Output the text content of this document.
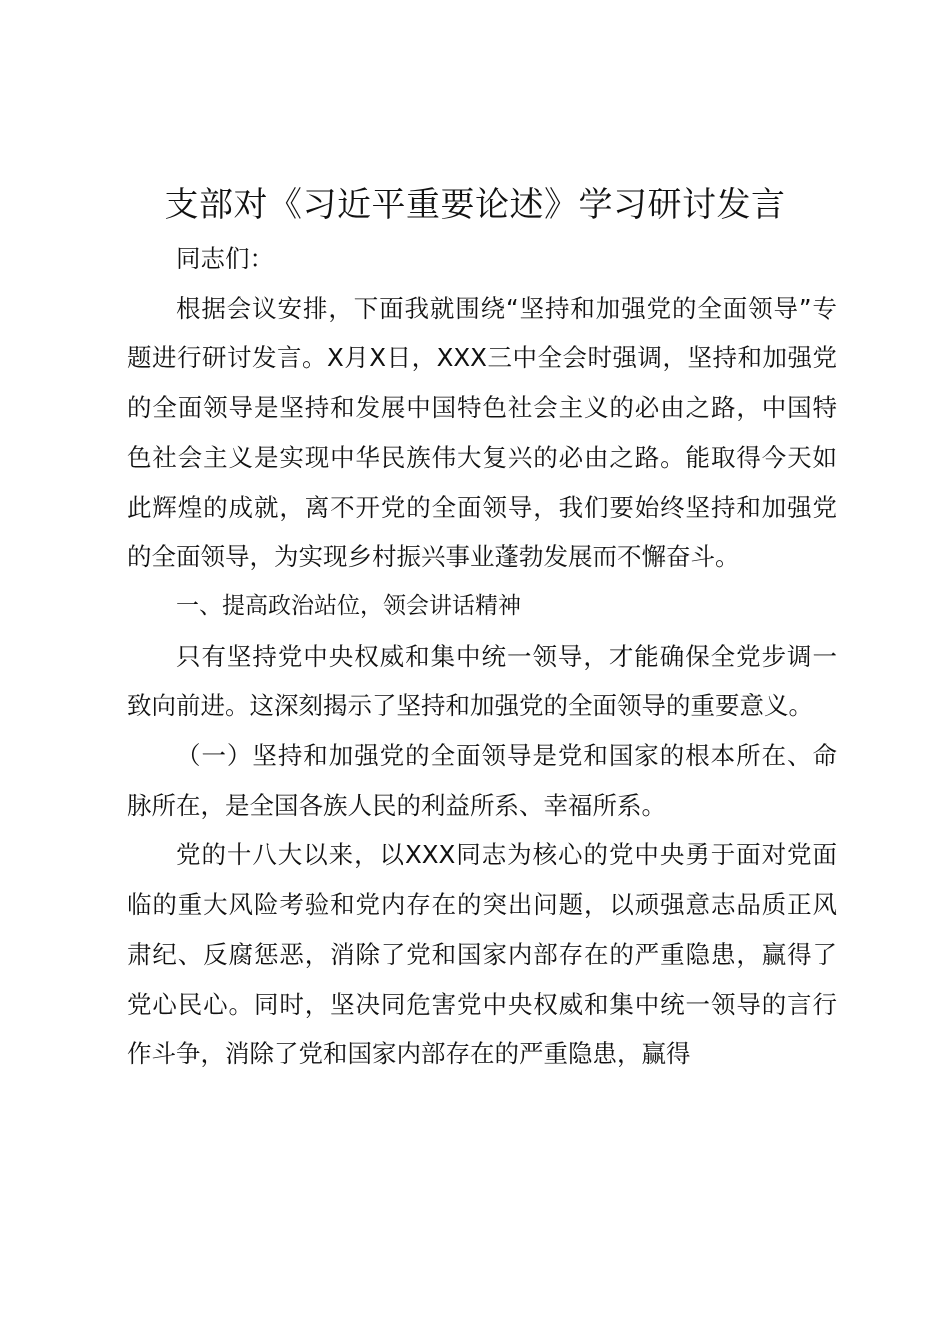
支部对《习近平重要论述》学习研讨发言

同志们：

根据会议安排，下面我就围绕“坚持和加强党的全面领导”专题进行研讨发言。X月X日，XXX三中全会时强调，坚持和加强党的全面领导是坚持和发展中国特色社会主义的必由之路，中国特色社会主义是实现中华民族伟大复兴的必由之路。能取得今天如此辉煌的成就，离不开党的全面领导，我们要始终坚持和加强党的全面领导，为实现乡村振兴事业蓬勃发展而不懈奋斗。

一、提高政治站位，领会讲话精神

只有坚持党中央权威和集中统一领导，才能确保全党步调一致向前进。这深刻揭示了坚持和加强党的全面领导的重要意义。

（一）坚持和加强党的全面领导是党和国家的根本所在、命脉所在，是全国各族人民的利益所系、幸福所系。

党的十八大以来，以XXX同志为核心的党中央勇于面对党面临的重大风险考验和党内存在的突出问题，以顽强意志品质正风肃纪、反腐惩恶，消除了党和国家内部存在的严重隐患，赢得了党心民心。同时，坚决同危害党中央权威和集中统一领导的言行作斗争，消除了党和国家内部存在的严重隐患，赢得
